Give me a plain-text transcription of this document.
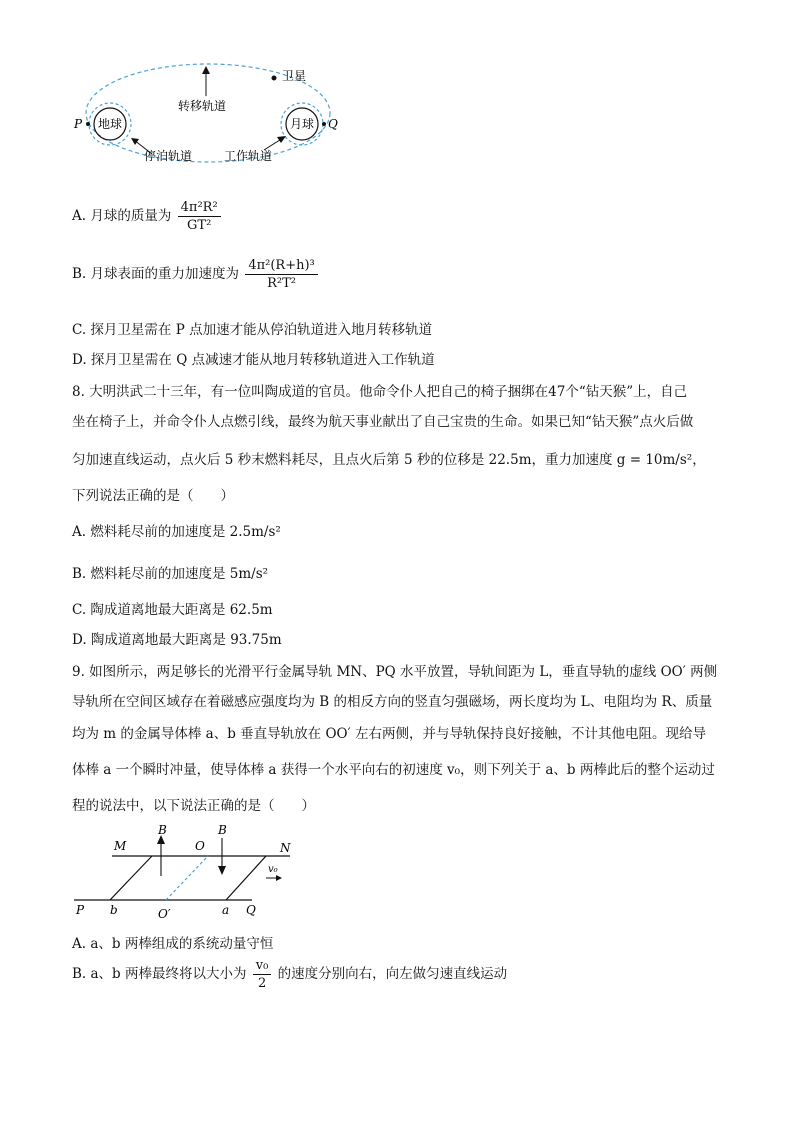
卫星
转移轨道
地球	月球
停泊轨道	工作轨道
P	Q
A. 月球的质量为 $\frac{\text{4π²R²}}{\text{GT²}}$
B. 月球表面的重力加速度为 $\frac{\text{4π²(R+h)³}}{\text{R²T²}}$
C. 探月卫星需在 P 点加速才能从停泊轨道进入地月转移轨道
D. 探月卫星需在 Q 点减速才能从地月转移轨道进入工作轨道
8. 大明洪武二十三年，有一位叫陶成道的官员。他命令仆人把自己的椅子捆绑在47个“钻天猴”上，自己
坐在椅子上，并命令仆人点燃引线，最终为航天事业献出了自己宝贵的生命。如果已知“钻天猴”点火后做
匀加速直线运动，点火后 5 秒末燃料耗尽，且点火后第 5 秒的位移是 22.5m，重力加速度 g = 10m/s²，
下列说法正确的是（　　）
A. 燃料耗尽前的加速度是 2.5m/s²
B. 燃料耗尽前的加速度是 5m/s²
C. 陶成道离地最大距离是 62.5m
D. 陶成道离地最大距离是 93.75m
9. 如图所示，两足够长的光滑平行金属导轨 MN、PQ 水平放置，导轨间距为 L，垂直导轨的虚线 OO′ 两侧
导轨所在空间区域存在着磁感应强度均为 B 的相反方向的竖直匀强磁场，两长度均为 L、电阻均为 R、质量
均为 m 的金属导体棒 a、b 垂直导轨放在 OO′ 左右两侧，并与导轨保持良好接触，不计其他电阻。现给导
体棒 a 一个瞬时冲量，使导体棒 a 获得一个水平向右的初速度 v₀，则下列关于 a、b 两棒此后的整个运动过
程的说法中，以下说法正确的是（　　）
B	B
M	O	N
v₀
P b	O′	a Q
A. a、b 两棒组成的系统动量守恒
B. a、b 两棒最终将以大小为 $\frac{\text{v₀}}{2}$ 的速度分别向右，向左做匀速直线运动
